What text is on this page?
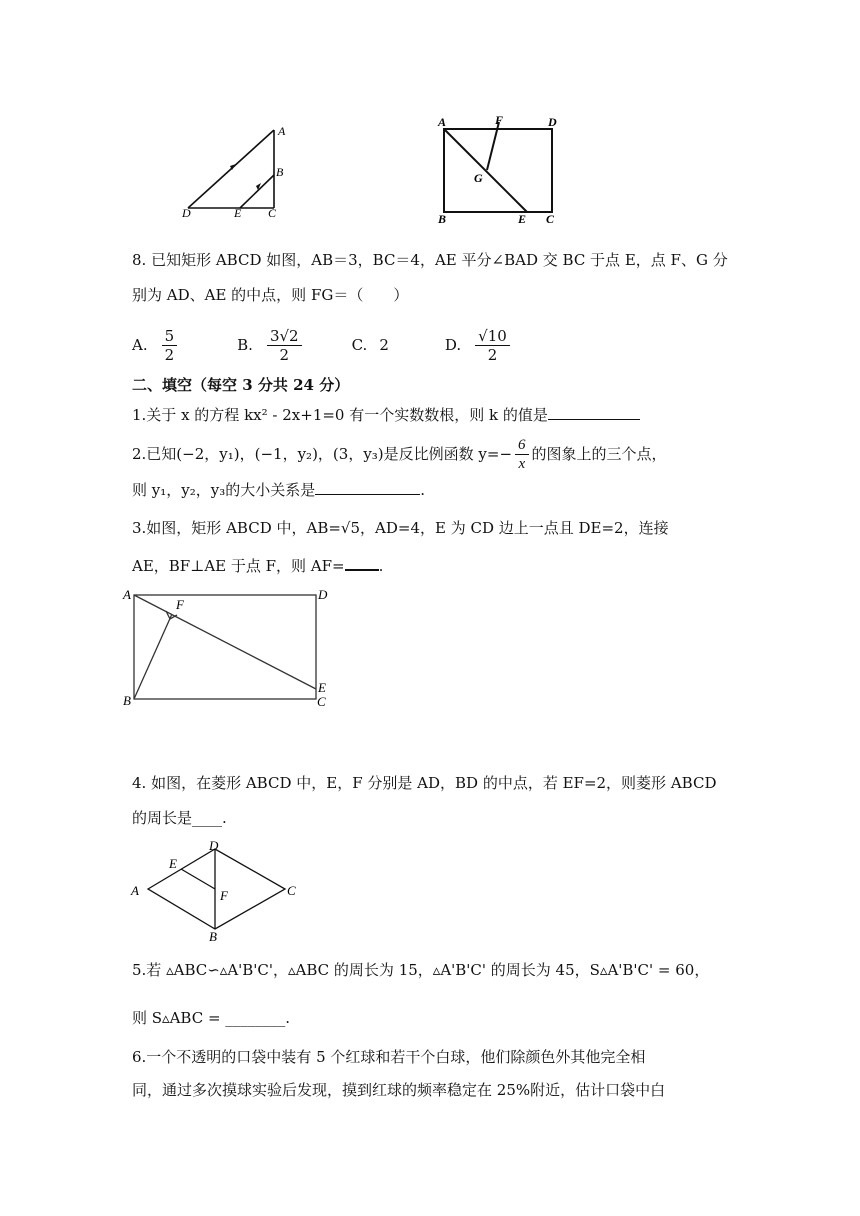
A
B
C
D	E
A	F	D
G
B	E C
8. 已知矩形 ABCD 如图，AB＝3，BC＝4，AE 平分∠BAD 交 BC 于点 E，点 F、G 分
别为 AD、AE 的中点，则 FG＝（　　）
A. $\frac{5}{2}$	B. $\frac{3√2}{2}$	C. 2	D. $\frac{√10}{2}$
二、填空（每空 3 分共 24 分）
1.关于 x 的方程 kx² - 2x+1=0 有一个实数数根，则 k 的值是
2.已知(−2，y₁)，(−1，y₂)，(3，y₃)是反比例函数 $y=- \frac{6}{x}$ 的图象上的三个点，
则 y₁，y₂，y₃的大小关系是	.
3.如图，矩形 ABCD 中，AB=√5，AD=4，E 为 CD 边上一点且 DE=2，连接
AE，BF⊥AE 于点 F，则 AF= .
A
F
D
E
C
B
4. 如图，在菱形 ABCD 中，E，F 分别是 AD，BD 的中点，若 EF=2，则菱形 ABCD
的周长是____.
A
D
E
F	C
B
5.若 ▵ABC∽▵A'B'C'，▵ABC 的周长为 15，▵A'B'C' 的周长为 45，S▵A'B'C' = 60，
则 S▵ABC = ________.
6.一个不透明的口袋中装有 5 个红球和若干个白球，他们除颜色外其他完全相
同，通过多次摸球实验后发现，摸到红球的频率稳定在 25%附近，估计口袋中白
